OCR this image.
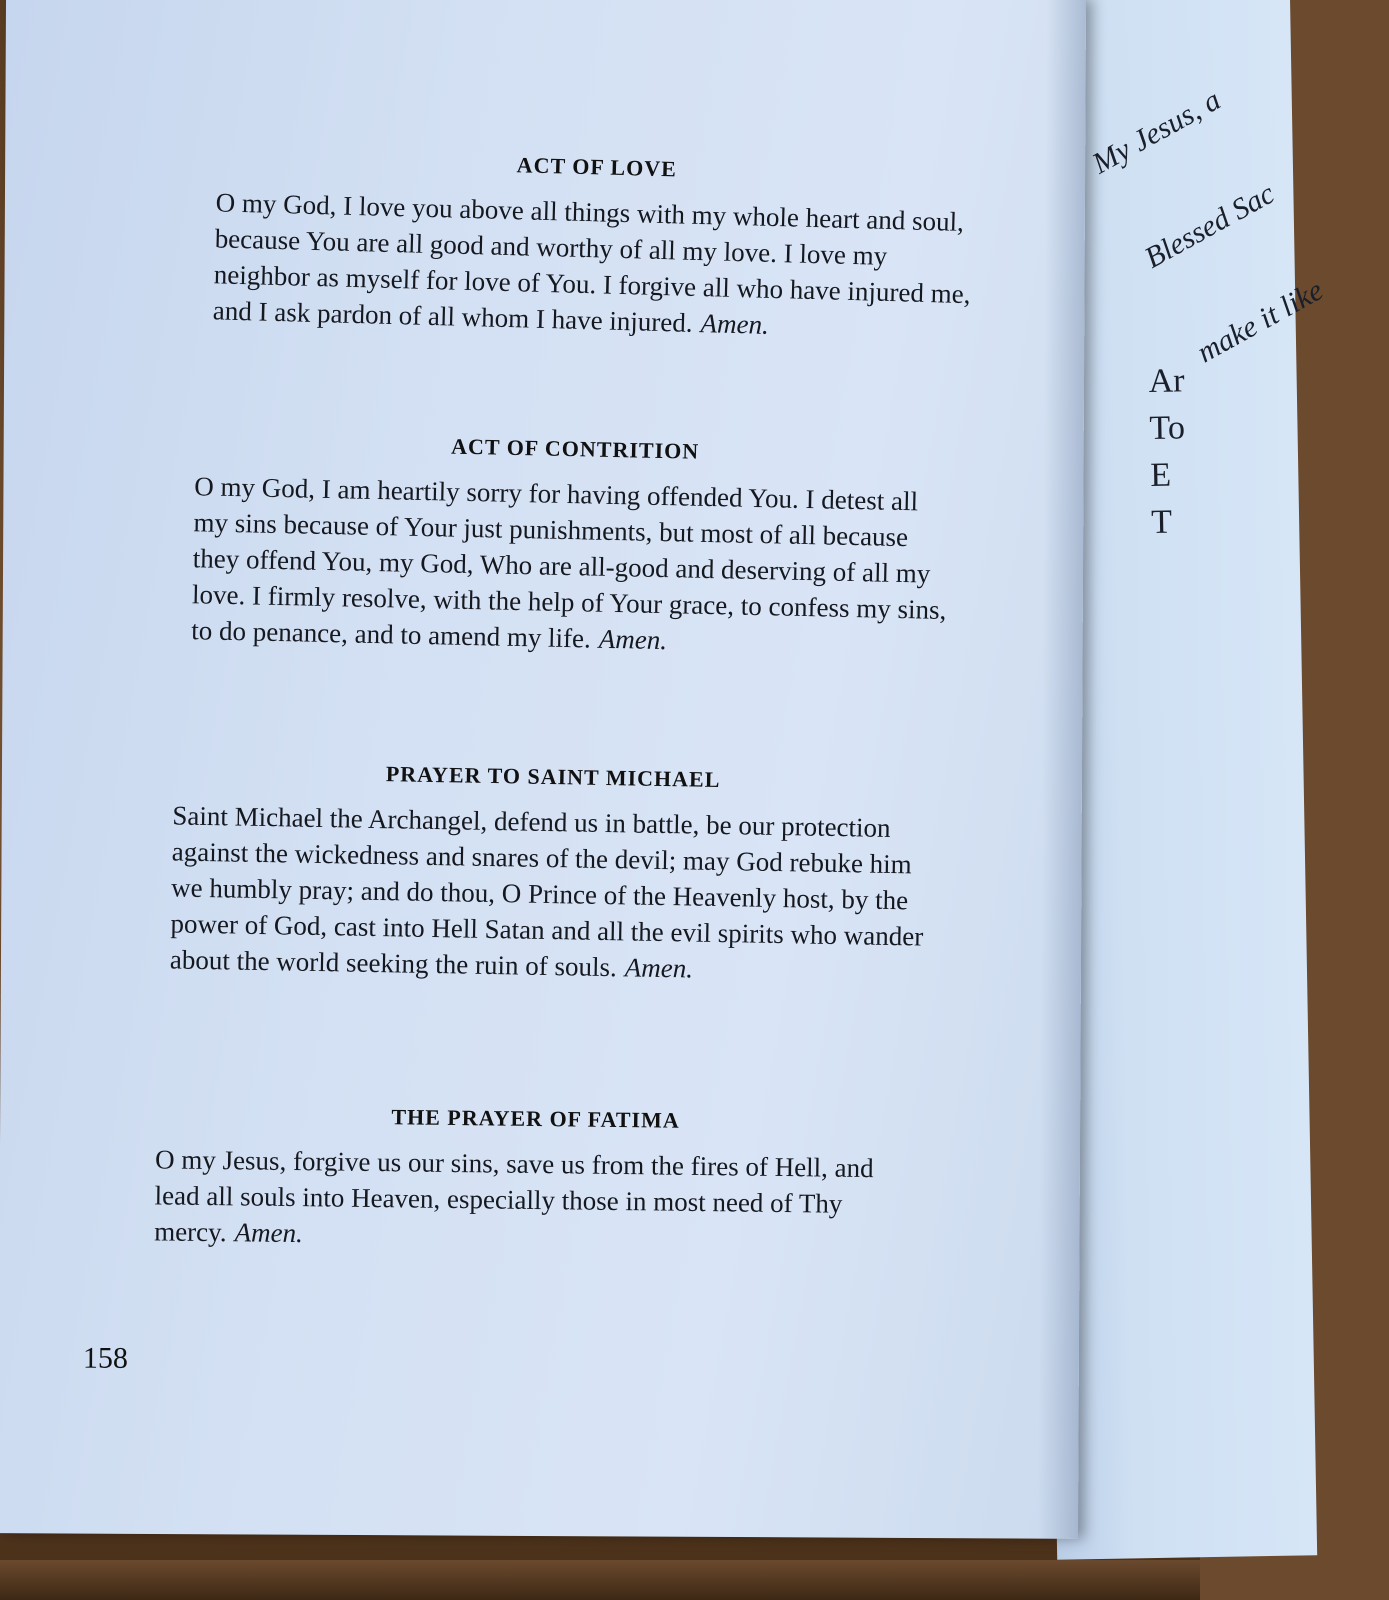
My Jesus, a

Blessed Sac

make it like

Ar
To
E
T
ACT OF LOVE

O my God, I love you above all things with my whole heart and soul, because You are all good and worthy of all my love. I love my neighbor as myself for love of You. I forgive all who have injured me, and I ask pardon of all whom I have injured. Amen.

ACT OF CONTRITION

O my God, I am heartily sorry for having offended You. I detest all my sins because of Your just punishments, but most of all because they offend You, my God, Who are all-good and deserving of all my love. I firmly resolve, with the help of Your grace, to confess my sins, to do penance, and to amend my life. Amen.

PRAYER TO SAINT MICHAEL

Saint Michael the Archangel, defend us in battle, be our protection against the wickedness and snares of the devil; may God rebuke him we humbly pray; and do thou, O Prince of the Heavenly host, by the power of God, cast into Hell Satan and all the evil spirits who wander about the world seeking the ruin of souls. Amen.

THE PRAYER OF FATIMA

O my Jesus, forgive us our sins, save us from the fires of Hell, and lead all souls into Heaven, especially those in most need of Thy mercy. Amen.

158
